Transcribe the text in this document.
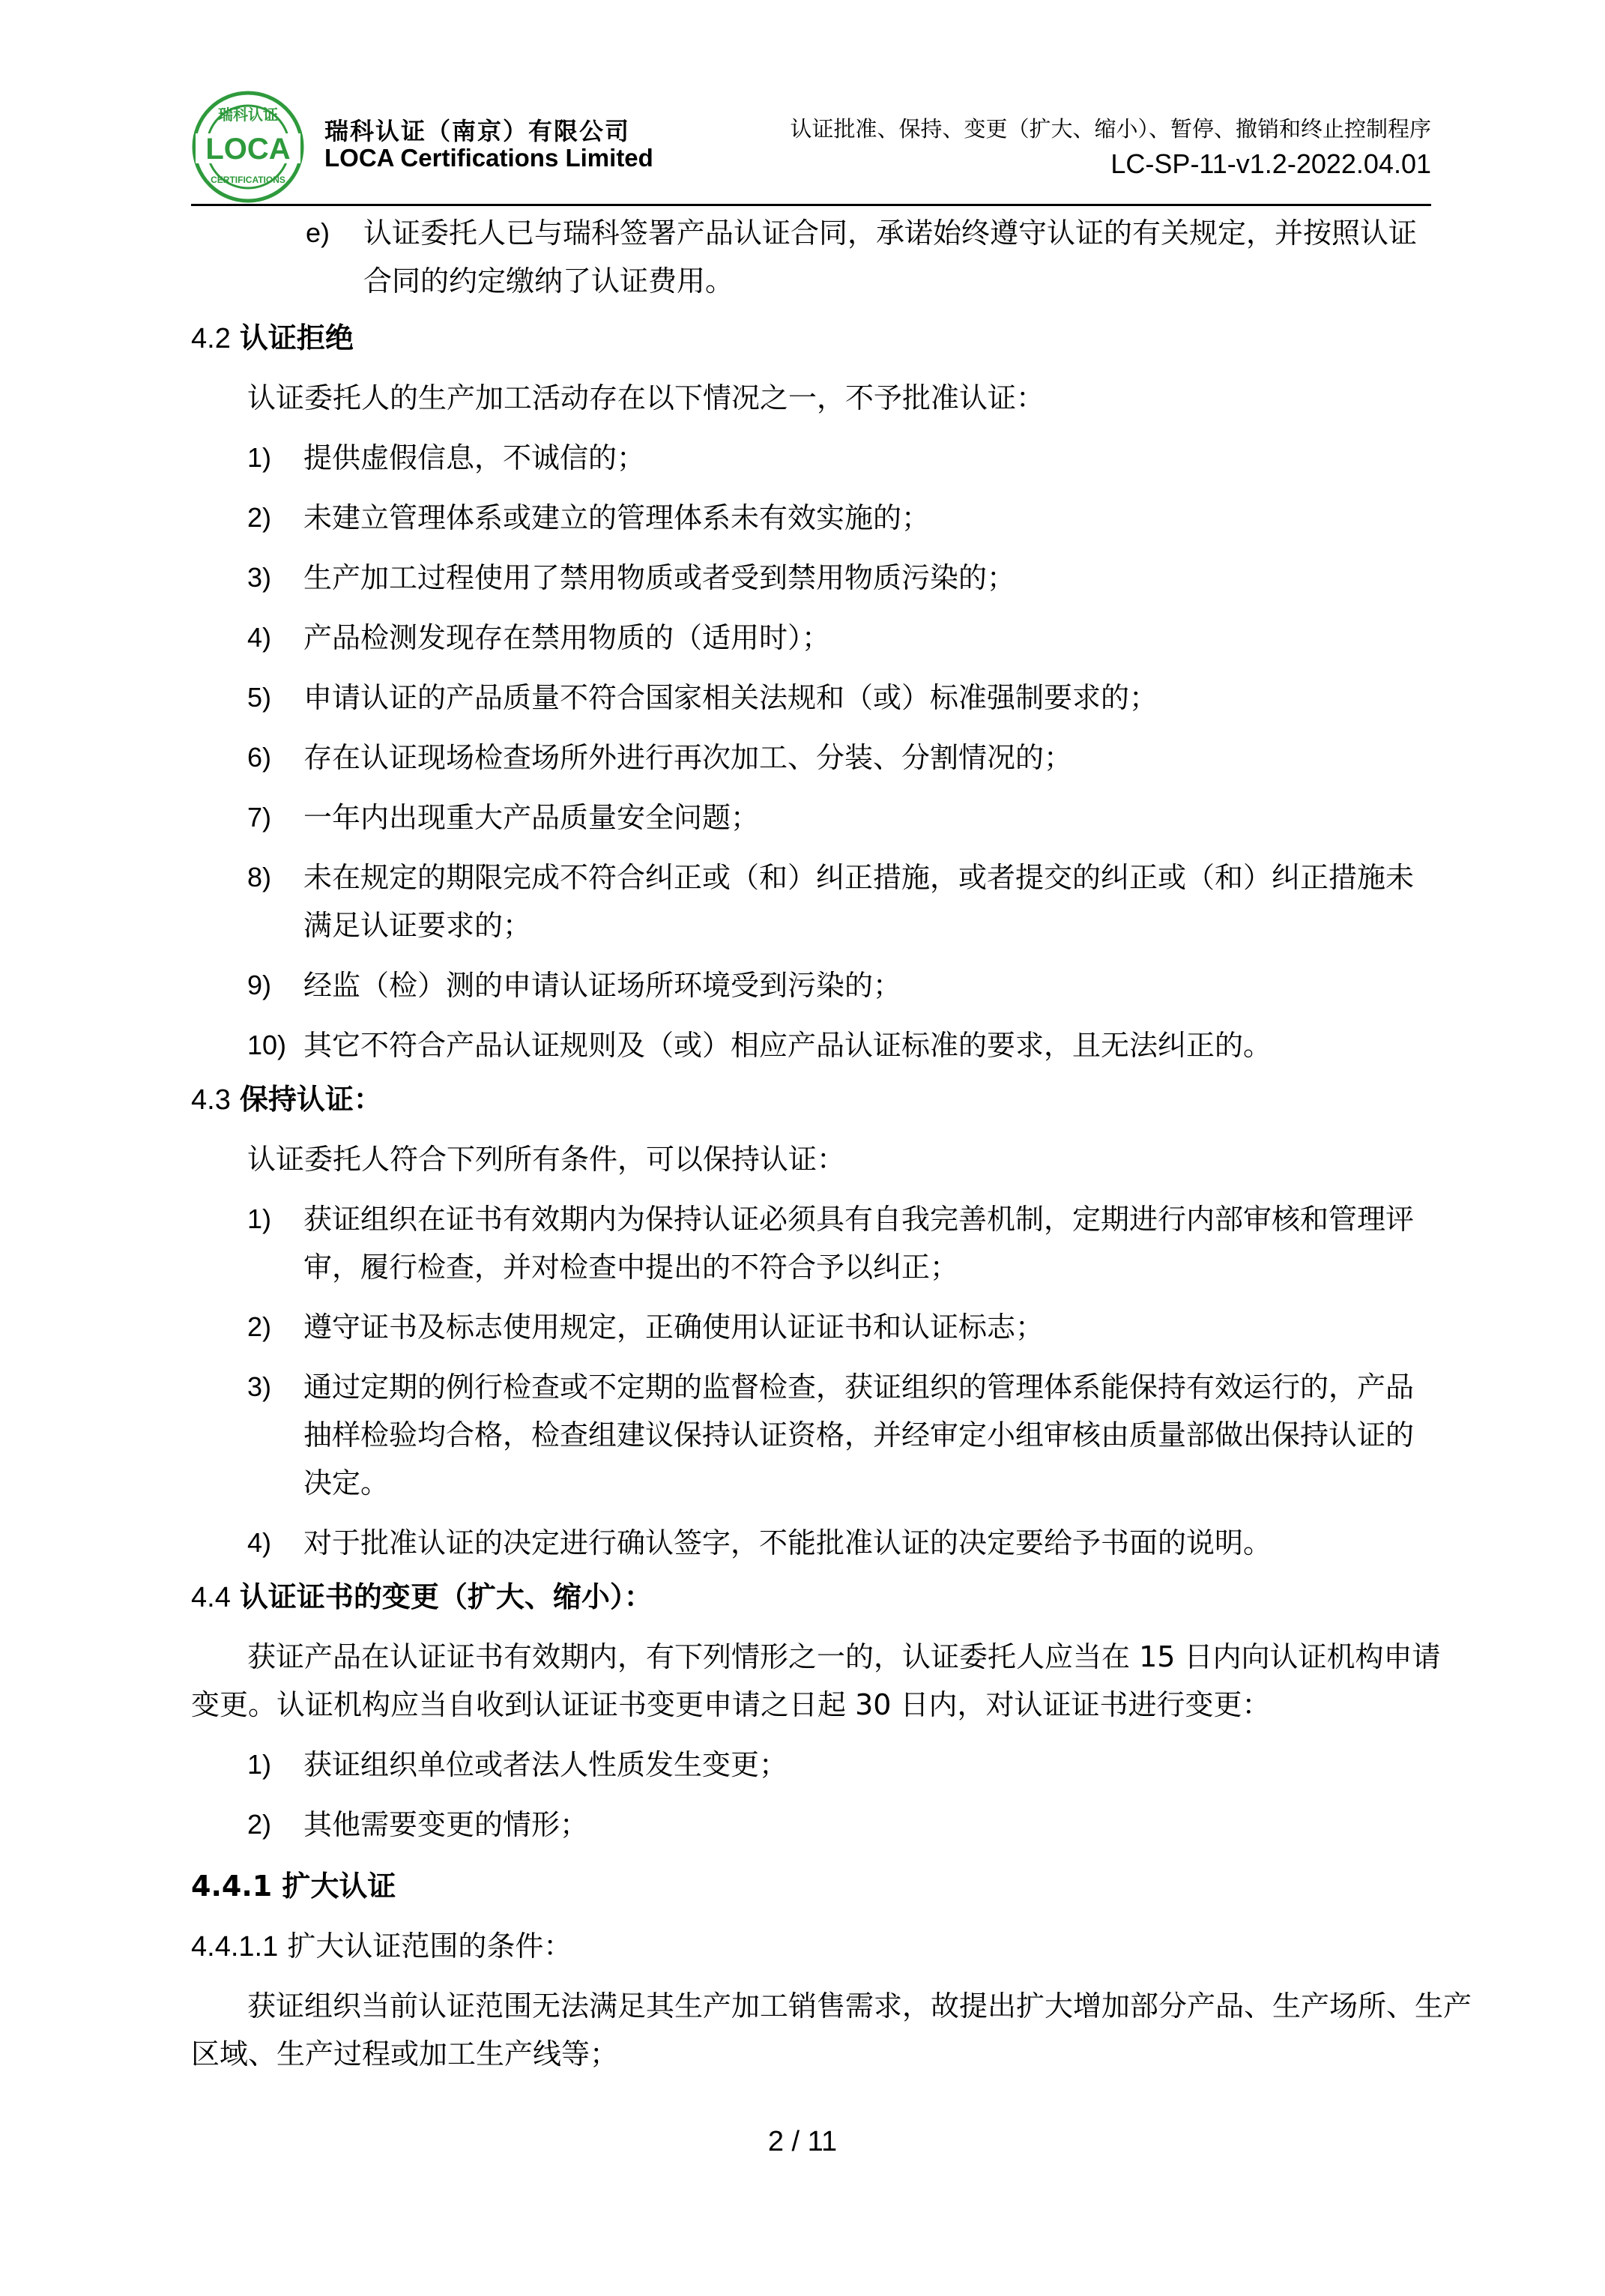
LOCA
瑞科认证
CERTIFICATIONS
瑞科认证（南京）有限公司
LOCA Certifications Limited
认证批准、保持、变更（扩大、缩小）、暂停、撤销和终止控制程序
LC-SP-11-v1.2-2022.04.01
e) 认证委托人已与瑞科签署产品认证合同，承诺始终遵守认证的有关规定，并按照认证
合同的约定缴纳了认证费用。
4.2 认证拒绝
认证委托人的生产加工活动存在以下情况之一，不予批准认证：
1) 提供虚假信息，不诚信的；
2) 未建立管理体系或建立的管理体系未有效实施的；
3) 生产加工过程使用了禁用物质或者受到禁用物质污染的；
4) 产品检测发现存在禁用物质的（适用时）；
5) 申请认证的产品质量不符合国家相关法规和（或）标准强制要求的；
6) 存在认证现场检查场所外进行再次加工、分装、分割情况的；
7) 一年内出现重大产品质量安全问题；
8) 未在规定的期限完成不符合纠正或（和）纠正措施，或者提交的纠正或（和）纠正措施未
满足认证要求的；
9) 经监（检）测的申请认证场所环境受到污染的；
10) 其它不符合产品认证规则及（或）相应产品认证标准的要求，且无法纠正的。
4.3 保持认证：
认证委托人符合下列所有条件，可以保持认证：
1) 获证组织在证书有效期内为保持认证必须具有自我完善机制，定期进行内部审核和管理评
审，履行检查，并对检查中提出的不符合予以纠正；
2) 遵守证书及标志使用规定，正确使用认证证书和认证标志；
3) 通过定期的例行检查或不定期的监督检查，获证组织的管理体系能保持有效运行的，产品
抽样检验均合格，检查组建议保持认证资格，并经审定小组审核由质量部做出保持认证的
决定。
4) 对于批准认证的决定进行确认签字，不能批准认证的决定要给予书面的说明。
4.4 认证证书的变更（扩大、缩小）：
获证产品在认证证书有效期内，有下列情形之一的，认证委托人应当在 15 日内向认证机构申请
变更。认证机构应当自收到认证证书变更申请之日起 30 日内，对认证证书进行变更：
1) 获证组织单位或者法人性质发生变更；
2) 其他需要变更的情形；
4.4.1 扩大认证
4.4.1.1 扩大认证范围的条件：
获证组织当前认证范围无法满足其生产加工销售需求，故提出扩大增加部分产品、生产场所、生产
区域、生产过程或加工生产线等；
2 / 11
